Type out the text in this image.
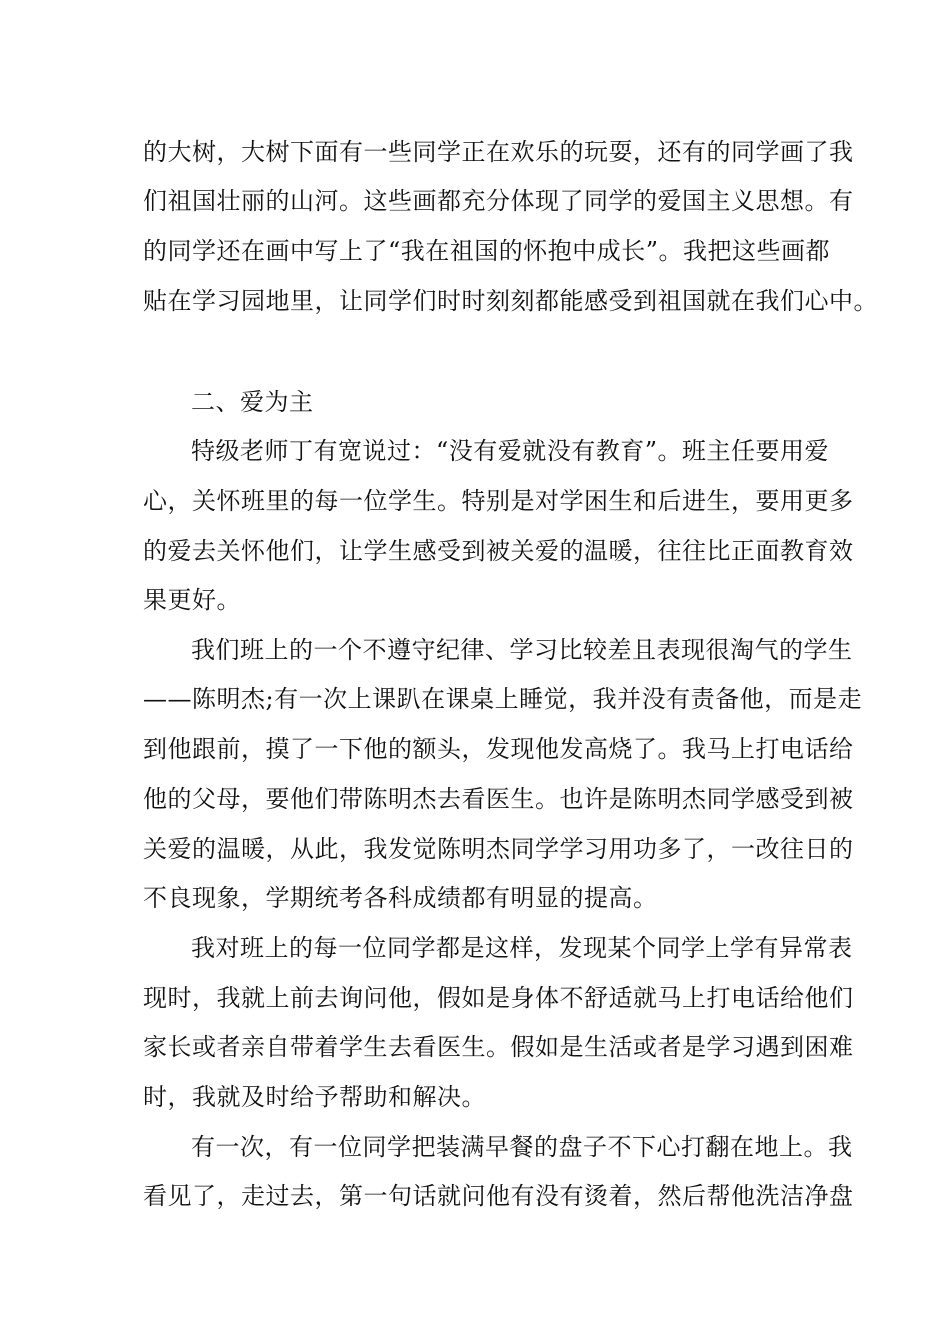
的大树，大树下面有一些同学正在欢乐的玩耍，还有的同学画了我
们祖国壮丽的山河。这些画都充分体现了同学的爱国主义思想。有
的同学还在画中写上了“我在祖国的怀抱中成长”。我把这些画都
贴在学习园地里，让同学们时时刻刻都能感受到祖国就在我们心中。
二、爱为主
特级老师丁有宽说过：“没有爱就没有教育”。班主任要用爱
心，关怀班里的每一位学生。特别是对学困生和后进生，要用更多
的爱去关怀他们，让学生感受到被关爱的温暖，往往比正面教育效
果更好。
我们班上的一个不遵守纪律、学习比较差且表现很淘气的学生
——陈明杰;有一次上课趴在课桌上睡觉，我并没有责备他，而是走
到他跟前，摸了一下他的额头，发现他发高烧了。我马上打电话给
他的父母，要他们带陈明杰去看医生。也许是陈明杰同学感受到被
关爱的温暖，从此，我发觉陈明杰同学学习用功多了，一改往日的
不良现象，学期统考各科成绩都有明显的提高。
我对班上的每一位同学都是这样，发现某个同学上学有异常表
现时，我就上前去询问他，假如是身体不舒适就马上打电话给他们
家长或者亲自带着学生去看医生。假如是生活或者是学习遇到困难
时，我就及时给予帮助和解决。
有一次，有一位同学把装满早餐的盘子不下心打翻在地上。我
看见了，走过去，第一句话就问他有没有烫着，然后帮他洗洁净盘
